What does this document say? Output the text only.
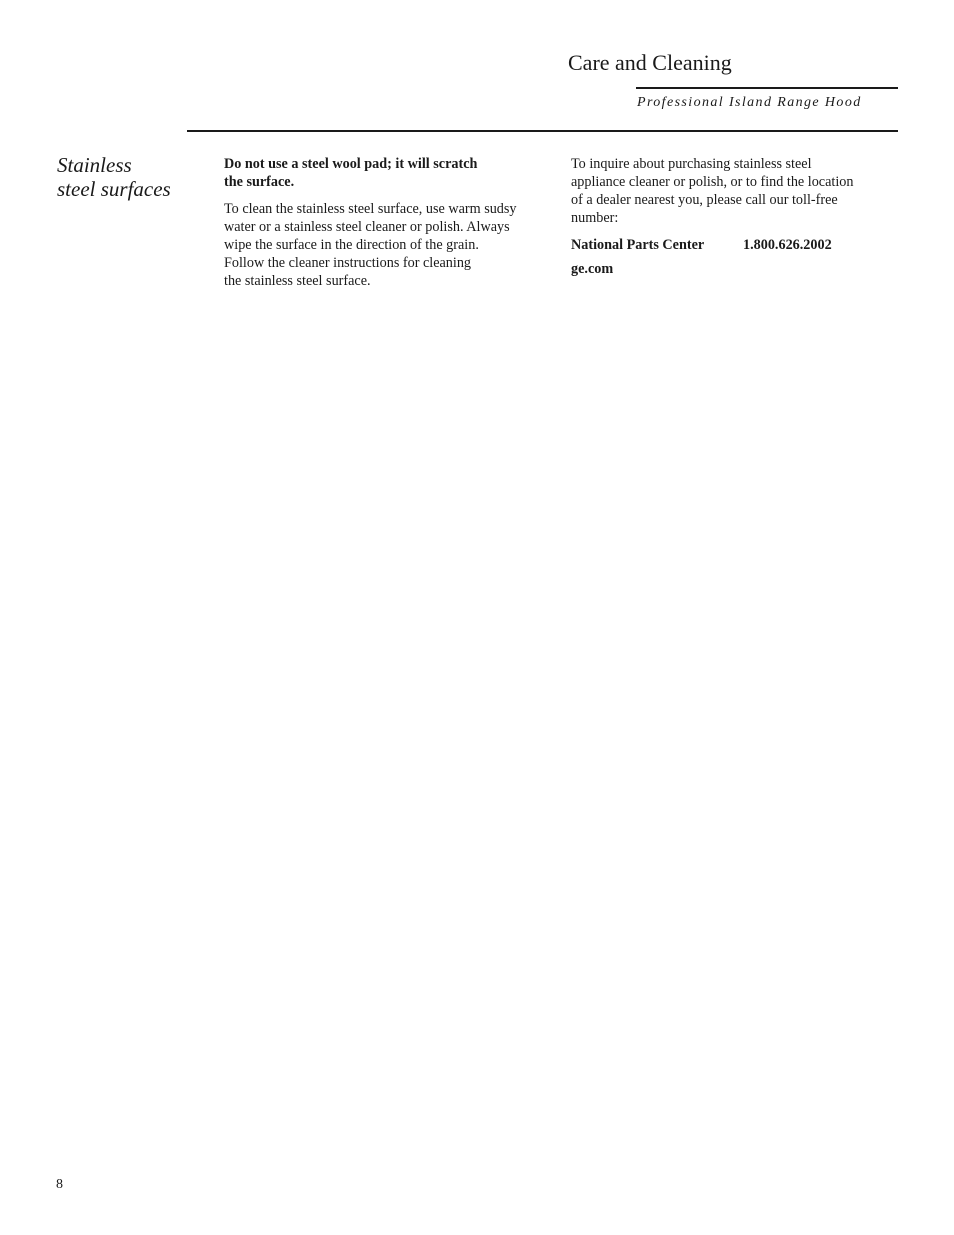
Care and Cleaning
Professional Island Range Hood
Stainless
steel surfaces
Do not use a steel wool pad; it will scratch
the surface.
To clean the stainless steel surface, use warm sudsy
water or a stainless steel cleaner or polish. Always
wipe the surface in the direction of the grain.
Follow the cleaner instructions for cleaning
the stainless steel surface.
To inquire about purchasing stainless steel
appliance cleaner or polish, or to find the location
of a dealer nearest you, please call our toll-free
number:
National Parts Center	1.800.626.2002
ge.com
8
